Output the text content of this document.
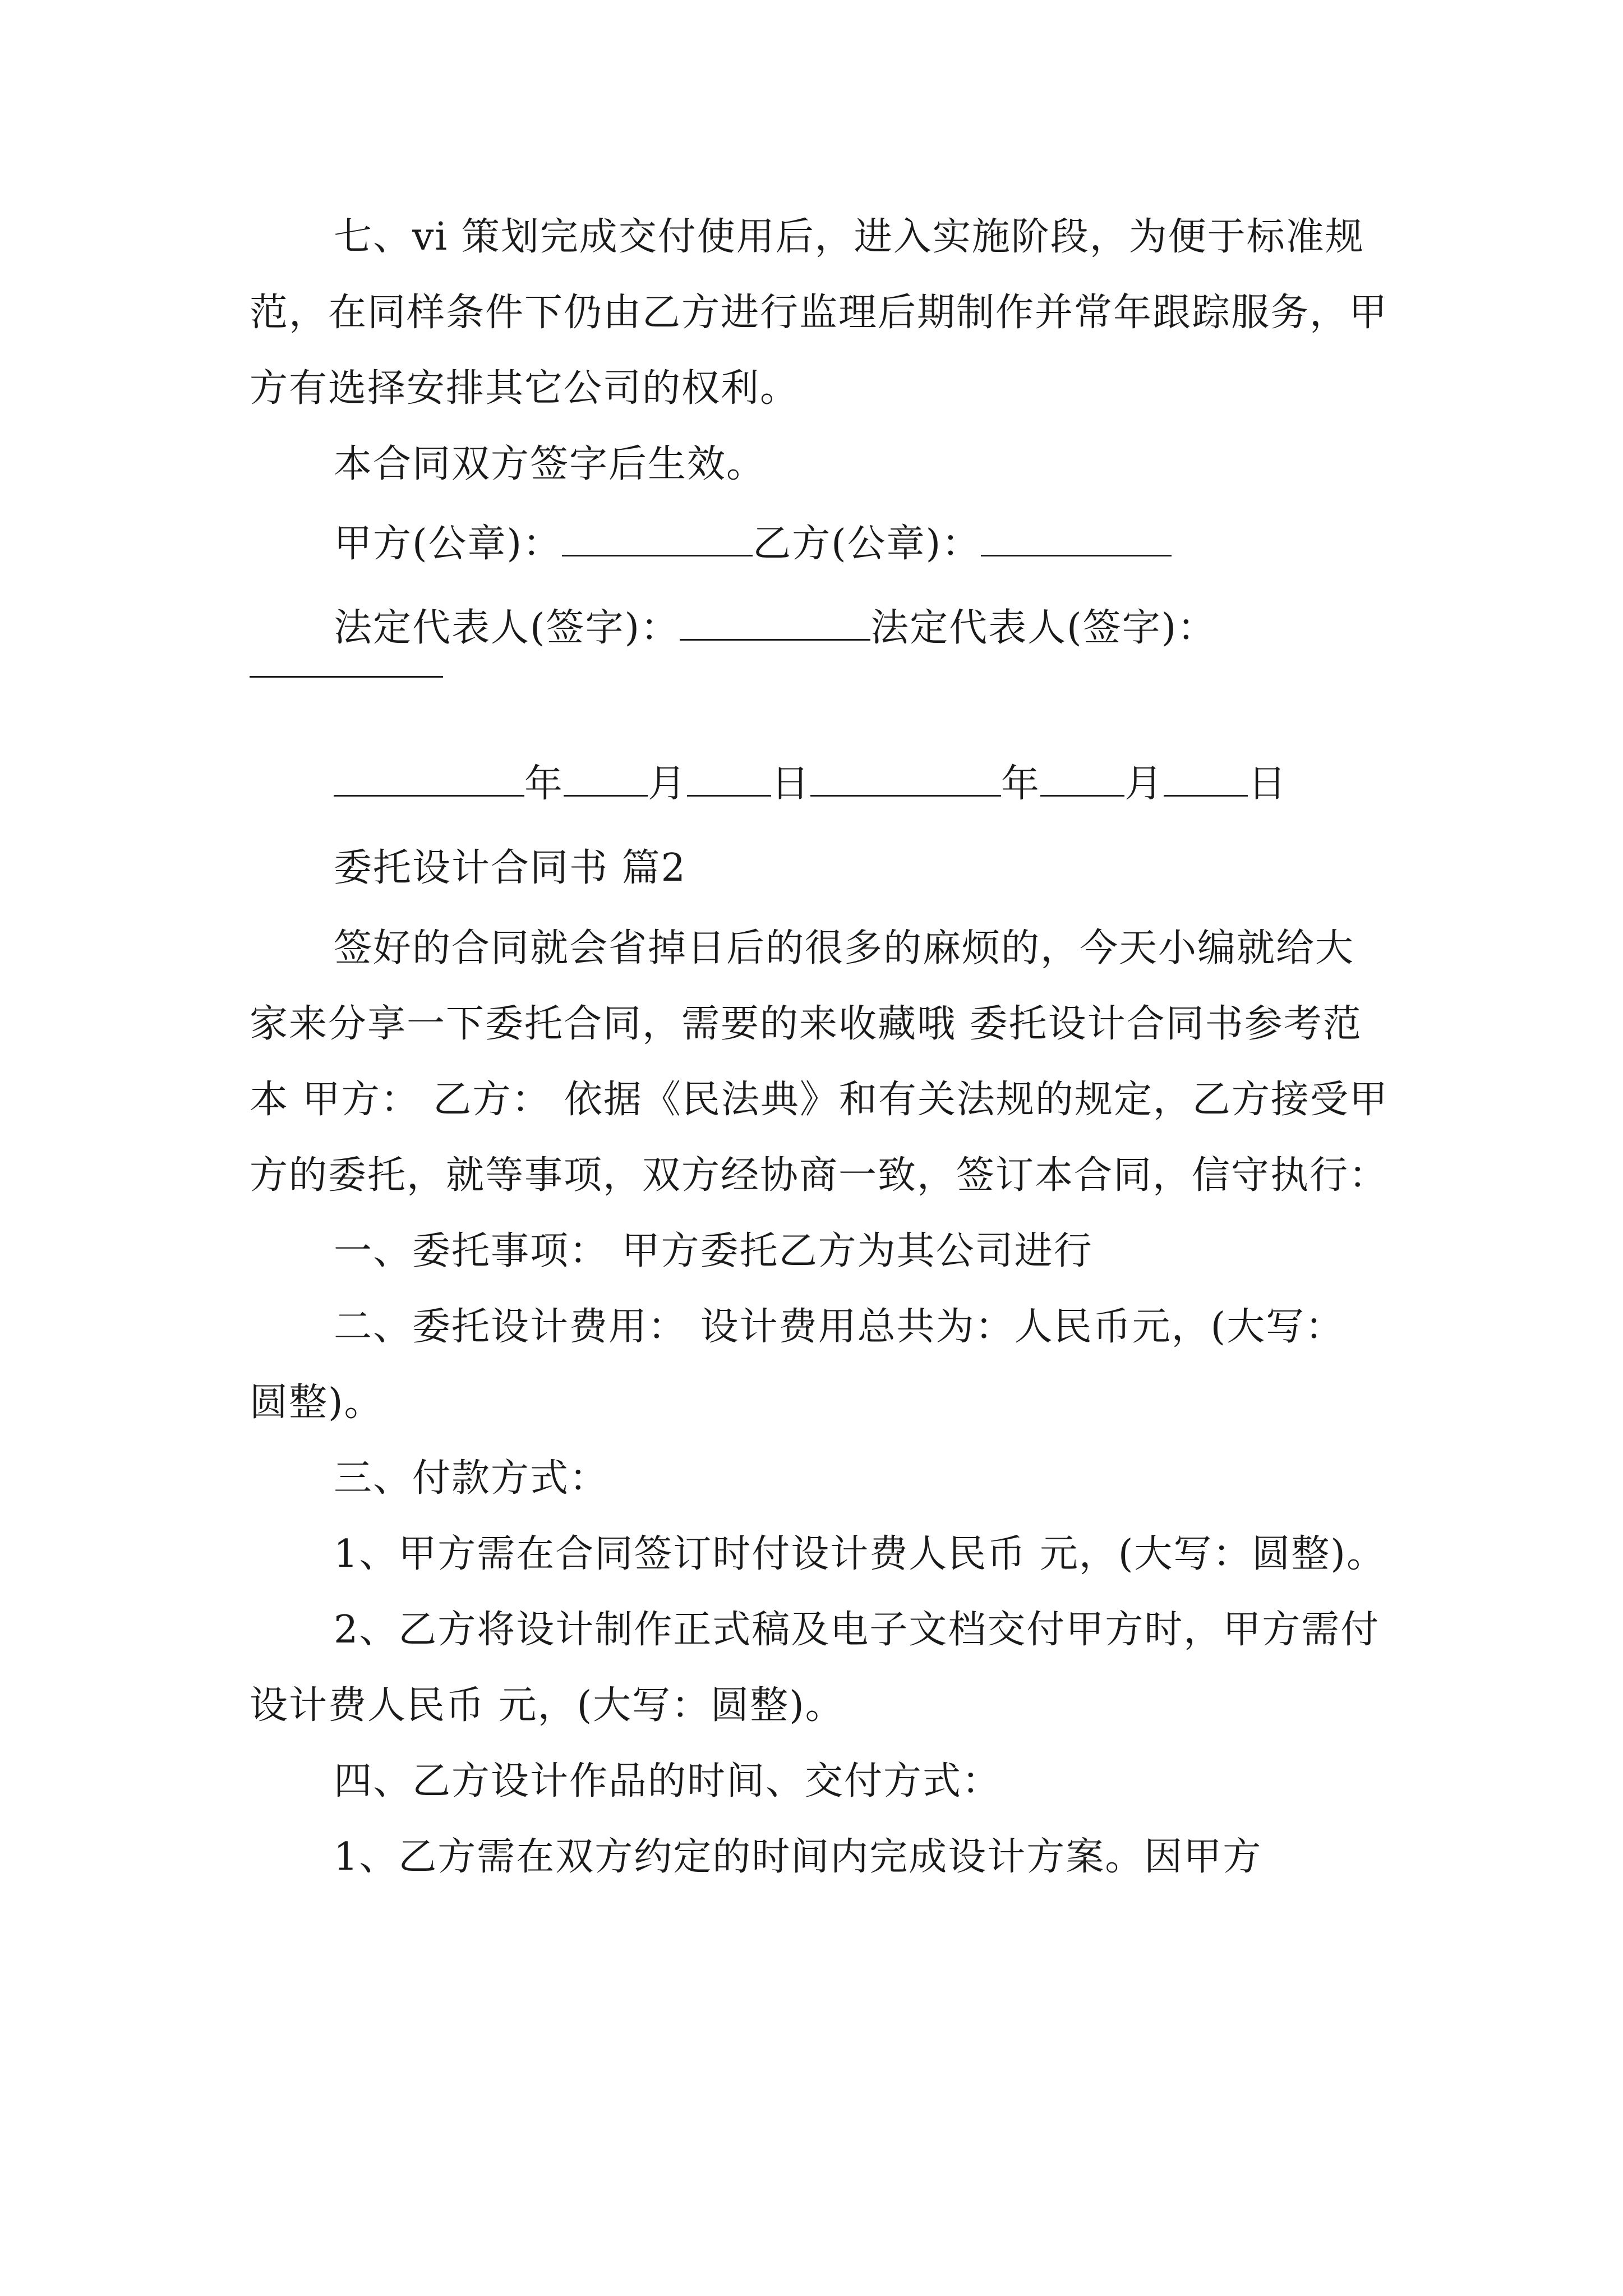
七、vi 策划完成交付使用后，进入实施阶段，为便于标准规范，在同样条件下仍由乙方进行监理后期制作并常年跟踪服务，甲方有选择安排其它公司的权利。

本合同双方签字后生效。

甲方(公章)：	乙方(公章)：

法定代表人(签字)：	法定代表人(签字)：

年 月 日	年 月 日

委托设计合同书 篇2

签好的合同就会省掉日后的很多的麻烦的，今天小编就给大家来分享一下委托合同，需要的来收藏哦 委托设计合同书参考范本 甲方： 乙方： 依据《民法典》和有关法规的规定，乙方接受甲方的委托，就等事项，双方经协商一致，签订本合同，信守执行：

一、委托事项： 甲方委托乙方为其公司进行

二、委托设计费用： 设计费用总共为：人民币元，(大写： 圆整)。

三、付款方式：

1、甲方需在合同签订时付设计费人民币 元，(大写：圆整)。

2、乙方将设计制作正式稿及电子文档交付甲方时，甲方需付设计费人民币 元，(大写：圆整)。

四、乙方设计作品的时间、交付方式：

1、乙方需在双方约定的时间内完成设计方案。因甲方
